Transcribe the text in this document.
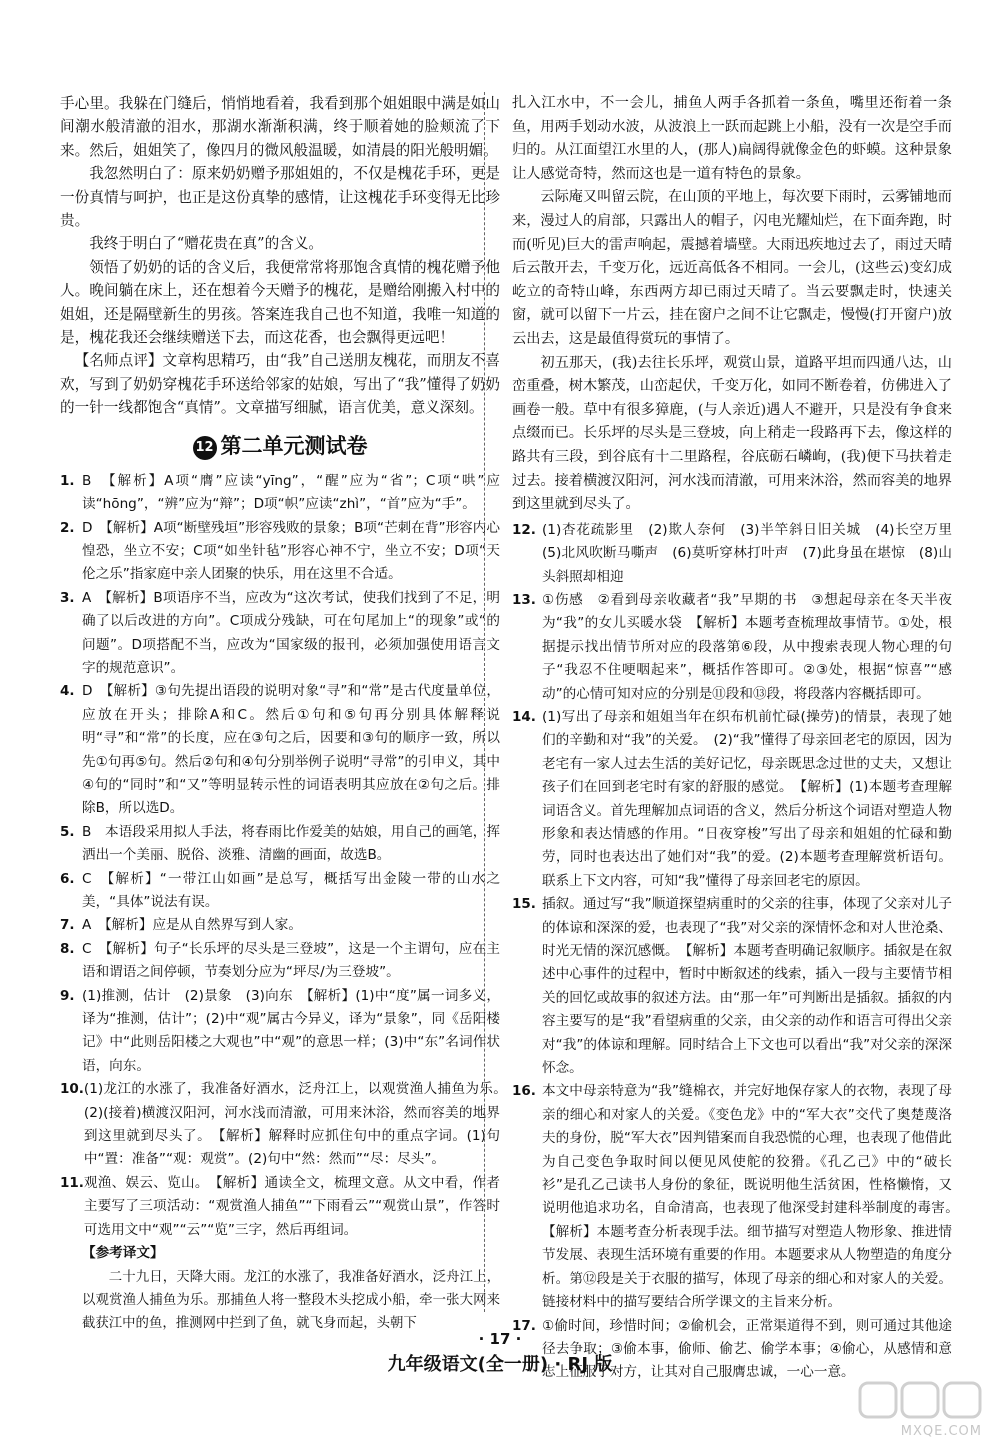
手心里。我躲在门缝后，悄悄地看着，我看到那个姐姐眼中满是如山间潮水般清澈的泪水，那湖水渐渐积满，终于顺着她的脸颊流了下来。然后，姐姐笑了，像四月的微风般温暖，如清晨的阳光般明媚。

我忽然明白了：原来奶奶赠予那姐姐的，不仅是槐花手环，更是一份真情与呵护，也正是这份真挚的感情，让这槐花手环变得无比珍贵。

我终于明白了“赠花贵在真”的含义。

领悟了奶奶的话的含义后，我便常常将那饱含真情的槐花赠予他人。晚间躺在床上，还在想着今天赠予的槐花，是赠给刚搬入村中的姐姐，还是隔壁新生的男孩。答案连我自己也不知道，我唯一知道的是，槐花我还会继续赠送下去，而这花香，也会飘得更远吧！

【名师点评】文章构思精巧，由“我”自己送朋友槐花，而朋友不喜欢，写到了奶奶穿槐花手环送给邻家的姑娘，写出了“我”懂得了奶奶的一针一线都饱含“真情”。文章描写细腻，语言优美，意义深刻。

12 第二单元测试卷
1. B　【解析】A项“膺”应读“yīng”，“醒”应为“省”；C项“哄”应读“hōng”，“辨”应为“辩”；D项“帜”应读“zhì”，“首”应为“手”。
2. D　【解析】A项“断壁残垣”形容残败的景象；B项“芒刺在背”形容内心惶恐，坐立不安；C项“如坐针毡”形容心神不宁，坐立不安；D项“天伦之乐”指家庭中亲人团聚的快乐，用在这里不合适。
3. A　【解析】B项语序不当，应改为“这次考试，使我们找到了不足，明确了以后改进的方向”。C项成分残缺，可在句尾加上“的现象”或“的问题”。D项搭配不当，应改为“国家级的报刊，必须加强使用语言文字的规范意识”。
4. D　【解析】③句先提出语段的说明对象“寻”和“常”是古代度量单位，应放在开头；排除A和C。然后①句和⑤句再分别具体解释说明“寻”和“常”的长度，应在③句之后，因要和③句的顺序一致，所以先①句再⑤句。然后②句和④句分别举例子说明“寻常”的引申义，其中④句的“同时”和“又”等明显转示性的词语表明其应放在②句之后。排除B，所以选D。
5. B　本语段采用拟人手法，将春雨比作爱美的姑娘，用自己的画笔，挥洒出一个美丽、脱俗、淡雅、清幽的画面，故选B。
6. C　【解析】“一带江山如画”是总写，概括写出金陵一带的山水之美，“具体”说法有误。
7. A　【解析】应是从自然界写到人家。
8. C　【解析】句子“长乐坪的尽头是三登坡”，这是一个主谓句，应在主语和谓语之间停顿，节奏划分应为“坪尽/为三登坡”。
9. (1)推测，估计　(2)景象　(3)向东　【解析】(1)中“度”属一词多义，译为“推测，估计”；(2)中“观”属古今异义，译为“景象”，同《岳阳楼记》中“此则岳阳楼之大观也”中“观”的意思一样；(3)中“东”名词作状语，向东。
10. (1)龙江的水涨了，我准备好酒水，泛舟江上，以观赏渔人捕鱼为乐。　(2)(接着)横渡汉阳河，河水浅而清澈，可用来沐浴，然而容美的地界到这里就到尽头了。　【解析】解释时应抓住句中的重点字词。(1)句中“置：准备”“观：观赏”。(2)句中“然：然而”“尽：尽头”。
11. 观渔、娱云、览山。　【解析】通读全文，梳理文意。从文中看，作者主要写了三项活动：“观赏渔人捕鱼”“下雨看云”“观赏山景”，作答时可选用文中“观”“云”“览”三字，然后再组词。
【参考译文】

二十九日，天降大雨。龙江的水涨了，我准备好酒水，泛舟江上，以观赏渔人捕鱼为乐。那捕鱼人将一整段木头挖成小船，牵一张大网来截获江中的鱼，推测网中拦到了鱼，就飞身而起，头朝下

扎入江水中，不一会儿，捕鱼人两手各抓着一条鱼，嘴里还衔着一条鱼，用两手划动水波，从波浪上一跃而起跳上小船，没有一次是空手而归的。从江面望江水里的人，(那人)扁阔得就像金色的虾蟆。这种景象让人感觉奇特，然而这也是一道有特色的景象。

云际庵又叫留云院，在山顶的平地上，每次要下雨时，云雾铺地而来，漫过人的肩部，只露出人的帽子，闪电光耀灿烂，在下面奔跑，时而(听见)巨大的雷声响起，震撼着墙壁。大雨迅疾地过去了，雨过天晴后云散开去，千变万化，远近高低各不相同。一会儿，(这些云)变幻成屹立的奇特山峰，东西两方却已雨过天晴了。当云要飘走时，快速关窗，就可以留下一片云，挂在窗户之间不让它飘走，慢慢(打开窗户)放云出去，这是最值得赏玩的事情了。

初五那天，(我)去往长乐坪，观赏山景，道路平坦而四通八达，山峦重叠，树木繁茂，山峦起伏，千变万化，如同不断卷着，仿佛进入了画卷一般。草中有很多獐鹿，(与人亲近)遇人不避开，只是没有争食来点缀而已。长乐坪的尽头是三登坡，向上稍走一段路再下去，像这样的路共有三段，到谷底有十二里路程，谷底砺石嶙峋，(我)便下马扶着走过去。接着横渡汉阳河，河水浅而清澈，可用来沐浴，然而容美的地界到这里就到尽头了。

12. (1)杏花疏影里　(2)欺人奈何　(3)半竿斜日旧关城　(4)长空万里　(5)北风吹断马嘶声　(6)莫听穿林打叶声　(7)此身虽在堪惊　(8)山头斜照却相迎
13. ①伤感　②看到母亲收藏者“我”早期的书　③想起母亲在冬天半夜为“我”的女儿买暖水袋　【解析】本题考查梳理故事情节。①处，根据提示找出情节所对应的段落第⑥段，从中搜索表现人物心理的句子“我忍不住哽咽起来”，概括作答即可。②③处，根据“惊喜”“感动”的心情可知对应的分别是⑪段和⑬段，将段落内容概括即可。
14. (1)写出了母亲和姐姐当年在织布机前忙碌(操劳)的情景，表现了她们的辛勤和对“我”的关爱。　(2)“我”懂得了母亲回老宅的原因，因为老宅有一家人过去生活的美好记忆，母亲既思念过世的丈夫，又想让孩子们在回到老宅时有家的舒服的感觉。　【解析】(1)本题考查理解词语含义。首先理解加点词语的含义，然后分析这个词语对塑造人物形象和表达情感的作用。“日夜穿梭”写出了母亲和姐姐的忙碌和勤劳，同时也表达出了她们对“我”的爱。(2)本题考查理解赏析语句。联系上下文内容，可知“我”懂得了母亲回老宅的原因。
15. 插叙。通过写“我”顺道探望病重时的父亲的往事，体现了父亲对儿子的体谅和深深的爱，也表现了“我”对父亲的深情怀念和对人世沧桑、时光无情的深沉感慨。　【解析】本题考查明确记叙顺序。插叙是在叙述中心事件的过程中，暂时中断叙述的线索，插入一段与主要情节相关的回忆或故事的叙述方法。由“那一年”可判断出是插叙。插叙的内容主要写的是“我”看望病重的父亲，由父亲的动作和语言可得出父亲对“我”的体谅和理解。同时结合上下文也可以看出“我”对父亲的深深怀念。
16. 本文中母亲特意为“我”缝棉衣，并完好地保存家人的衣物，表现了母亲的细心和对家人的关爱。《变色龙》中的“军大衣”交代了奥楚蔑洛夫的身份，脱“军大衣”因判错案而自我恐慌的心理，也表现了他借此为自己变色争取时间以便见风使舵的狡猾。《孔乙己》中的“破长衫”是孔乙己读书人身份的象征，既说明他生活贫困，性格懒惰，又说明他追求功名，自命清高，也表现了他深受封建科举制度的毒害。　【解析】本题考查分析表现手法。细节描写对塑造人物形象、推进情节发展、表现生活环境有重要的作用。本题要求从人物塑造的角度分析。第⑫段是关于衣服的描写，体现了母亲的细心和对家人的关爱。链接材料中的描写要结合所学课文的主旨来分析。
17. ①偷时间，珍惜时间；②偷机会，正常渠道得不到，则可通过其他途径去争取；③偷本事，偷师、偷艺、偷学本事；④偷心，从感情和意志上征服了对方，让其对自己服膺忠诚，一心一意。
· 17 ·
九年级语文(全一册) · RJ 版
MXQE.COM
